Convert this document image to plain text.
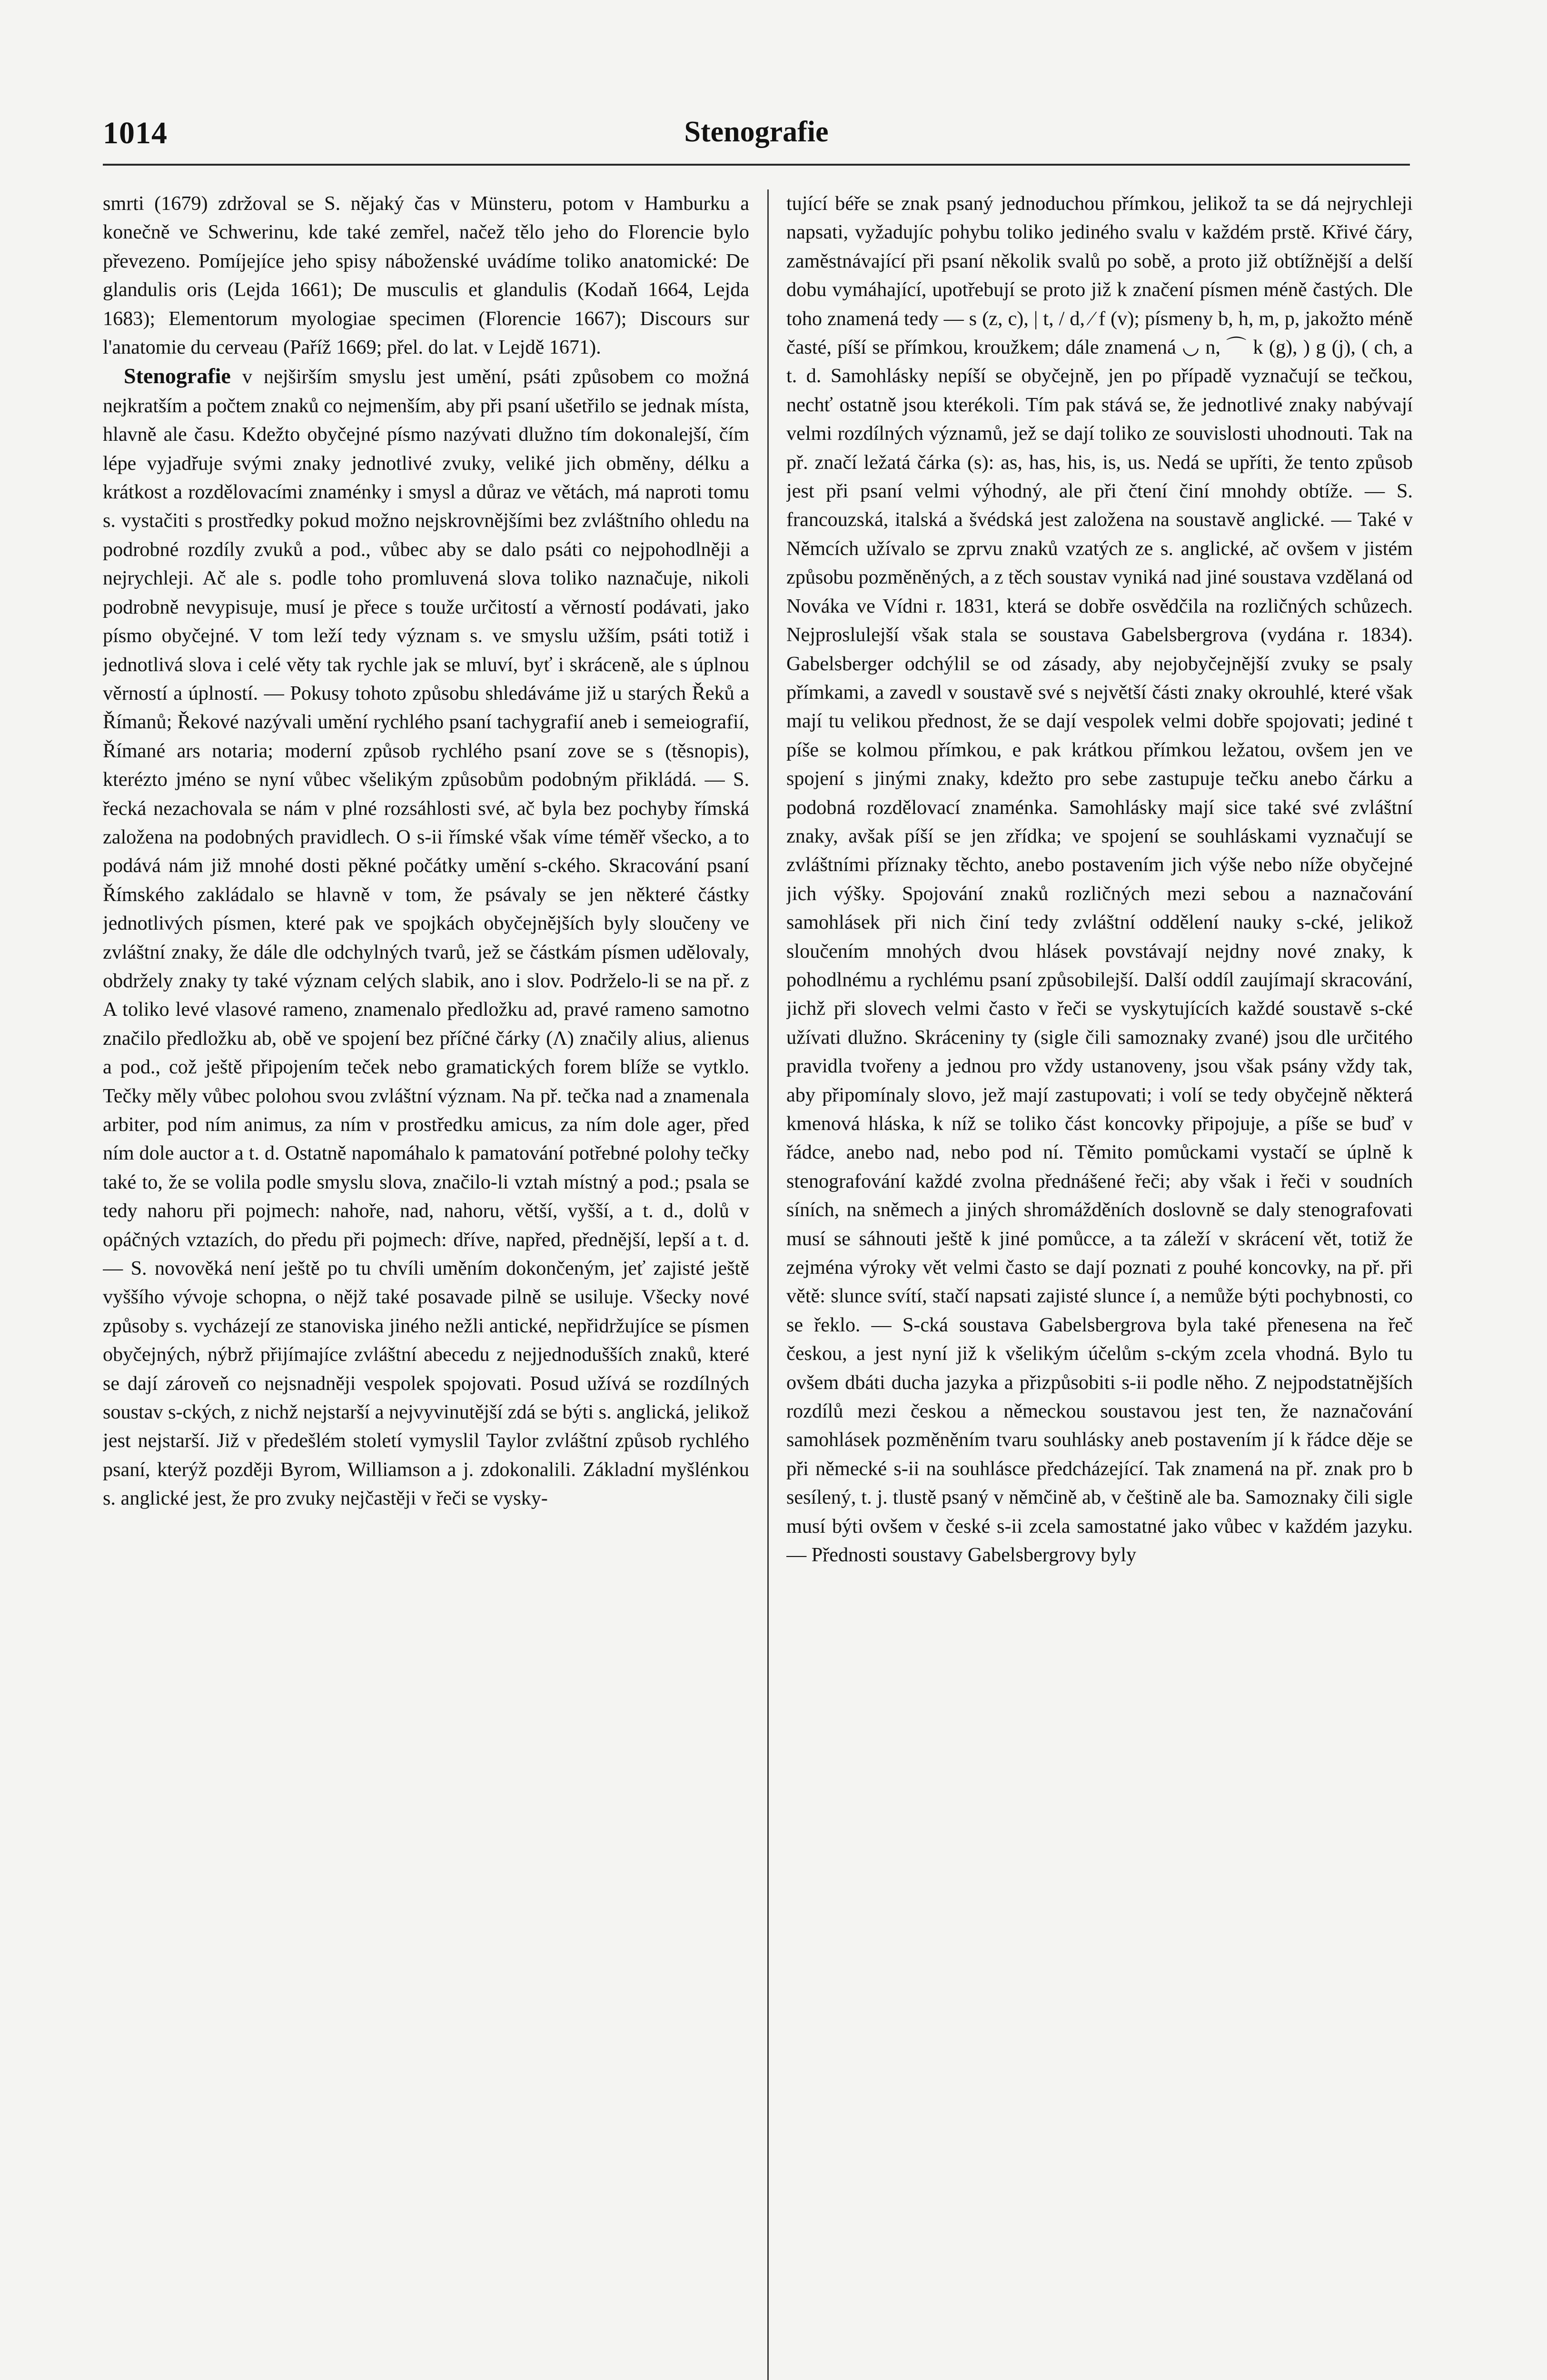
1014	Stenografie

smrti (1679) zdržoval se S. nějaký čas v Münsteru, potom v Hamburku a konečně ve Schwerinu, kde také zemřel, načež tělo jeho do Florencie bylo převezeno. Pomíjejíce jeho spisy náboženské uvádíme toliko anatomické: De glandulis oris (Lejda 1661); De musculis et glandulis (Kodaň 1664, Lejda 1683); Elementorum myologiae specimen (Florencie 1667); Discours sur l'anatomie du cerveau (Paříž 1669; přel. do lat. v Lejdě 1671).

Stenografie v nejširším smyslu jest umění, psáti způsobem co možná nejkratším a počtem znaků co nejmenším, aby při psaní ušetřilo se jednak místa, hlavně ale času. Kdežto obyčejné písmo nazývati dlužno tím dokonalejší, čím lépe vyjadřuje svými znaky jednotlivé zvuky, veliké jich obměny, délku a krátkost a rozdělovacími znaménky i smysl a důraz ve větách, má naproti tomu s. vystačiti s prostředky pokud možno nejskrovnějšími bez zvláštního ohledu na podrobné rozdíly zvuků a pod., vůbec aby se dalo psáti co nejpohodlněji a nejrychleji. Ač ale s. podle toho promluvená slova toliko naznačuje, nikoli podrobně nevypisuje, musí je přece s touže určitostí a věrností podávati, jako písmo obyčejné. V tom leží tedy význam s. ve smyslu užším, psáti totiž i jednotlivá slova i celé věty tak rychle jak se mluví, byť i skráceně, ale s úplnou věrností a úplností. — Pokusy tohoto způsobu shledáváme již u starých Řeků a Římanů; Řekové nazývali umění rychlého psaní tachygrafií aneb i semeiografií, Římané ars notaria; moderní způsob rychlého psaní zove se s (těsnopis), kterézto jméno se nyní vůbec všelikým způsobům podobným přikládá. — S. řecká nezachovala se nám v plné rozsáhlosti své, ač byla bez pochyby římská založena na podobných pravidlech. O s-ii římské však víme téměř všecko, a to podává nám již mnohé dosti pěkné počátky umění s-ckého. Skracování psaní Římského zakládalo se hlavně v tom, že psávaly se jen některé částky jednotlivých písmen, které pak ve spojkách obyčejnějších byly sloučeny ve zvláštní znaky, že dále dle odchylných tvarů, jež se částkám písmen udělovaly, obdržely znaky ty také význam celých slabik, ano i slov. Podrželo-li se na př. z A toliko levé vlasové rameno, znamenalo předložku ad, pravé rameno samotno značilo předložku ab, obě ve spojení bez příčné čárky (Λ) značily alius, alienus a pod., což ještě připojením teček nebo gramatických forem blíže se vytklo. Tečky měly vůbec polohou svou zvláštní význam. Na př. tečka nad a znamenala arbiter, pod ním animus, za ním v prostředku amicus, za ním dole ager, před ním dole auctor a t. d. Ostatně napomáhalo k pamatování potřebné polohy tečky také to, že se volila podle smyslu slova, značilo-li vztah místný a pod.; psala se tedy nahoru při pojmech: nahoře, nad, nahoru, větší, vyšší, a t. d., dolů v opáčných vztazích, do předu při pojmech: dříve, napřed, přednější, lepší a t. d. — S. novověká není ještě po tu chvíli uměním dokončeným, jeť zajisté ještě vyššího vývoje schopna, o nějž také posavade pilně se usiluje. Všecky nové způsoby s. vycházejí ze stanoviska jiného nežli antické, nepřidržujíce se písmen obyčejných, nýbrž přijímajíce zvláštní abecedu z nejjednodušších znaků, které se dají zároveň co nejsnadněji vespolek spojovati. Posud užívá se rozdílných soustav s-ckých, z nichž nejstarší a nejvyvinutější zdá se býti s. anglická, jelikož jest nejstarší. Již v předešlém století vymyslil Taylor zvláštní způsob rychlého psaní, kterýž později Byrom, Williamson a j. zdokonalili. Základní myšlénkou s. anglické jest, že pro zvuky nejčastěji v řeči se vysky-

tující béře se znak psaný jednoduchou přímkou, jelikož ta se dá nejrychleji napsati, vyžadujíc pohybu toliko jediného svalu v každém prstě. Křivé čáry, zaměstnávající při psaní několik svalů po sobě, a proto již obtížnější a delší dobu vymáhající, upotřebují se proto již k značení písmen méně častých. Dle toho znamená tedy — s (z, c), | t, / d, ⁄ f (v); písmeny b, h, m, p, jakožto méně časté, píší se přímkou, kroužkem; dále znamená ◡ n, ⌒ k (g), ) g (j), ( ch, a t. d. Samohlásky nepíší se obyčejně, jen po případě vyznačují se tečkou, nechť ostatně jsou kterékoli. Tím pak stává se, že jednotlivé znaky nabývají velmi rozdílných významů, jež se dají toliko ze souvislosti uhodnouti. Tak na př. značí ležatá čárka (s): as, has, his, is, us. Nedá se upříti, že tento způsob jest při psaní velmi výhodný, ale při čtení činí mnohdy obtíže. — S. francouzská, italská a švédská jest založena na soustavě anglické. — Také v Němcích užívalo se zprvu znaků vzatých ze s. anglické, ač ovšem v jistém způsobu pozměněných, a z těch soustav vyniká nad jiné soustava vzdělaná od Nováka ve Vídni r. 1831, která se dobře osvědčila na rozličných schůzech. Nejproslulejší však stala se soustava Gabelsbergrova (vydána r. 1834). Gabelsberger odchýlil se od zásady, aby nejobyčejnější zvuky se psaly přímkami, a zavedl v soustavě své s největší části znaky okrouhlé, které však mají tu velikou přednost, že se dají vespolek velmi dobře spojovati; jediné t píše se kolmou přímkou, e pak krátkou přímkou ležatou, ovšem jen ve spojení s jinými znaky, kdežto pro sebe zastupuje tečku anebo čárku a podobná rozdělovací znaménka. Samohlásky mají sice také své zvláštní znaky, avšak píší se jen zřídka; ve spojení se souhláskami vyznačují se zvláštními příznaky těchto, anebo postavením jich výše nebo níže obyčejné jich výšky. Spojování znaků rozličných mezi sebou a naznačování samohlásek při nich činí tedy zvláštní oddělení nauky s-cké, jelikož sloučením mnohých dvou hlásek povstávají nejdny nové znaky, k pohodlnému a rychlému psaní způsobilejší. Další oddíl zaujímají skracování, jichž při slovech velmi často v řeči se vyskytujících každé soustavě s-cké užívati dlužno. Skráceniny ty (sigle čili samoznaky zvané) jsou dle určitého pravidla tvořeny a jednou pro vždy ustanoveny, jsou však psány vždy tak, aby připomínaly slovo, jež mají zastupovati; i volí se tedy obyčejně některá kmenová hláska, k níž se toliko část koncovky připojuje, a píše se buď v řádce, anebo nad, nebo pod ní. Těmito pomůckami vystačí se úplně k stenografování každé zvolna přednášené řeči; aby však i řeči v soudních síních, na sněmech a jiných shromážděních doslovně se daly stenografovati musí se sáhnouti ještě k jiné pomůcce, a ta záleží v skrácení vět, totiž že zejména výroky vět velmi často se dají poznati z pouhé koncovky, na př. při větě: slunce svítí, stačí napsati zajisté slunce í, a nemůže býti pochybnosti, co se řeklo. — S-cká soustava Gabelsbergrova byla také přenesena na řeč českou, a jest nyní již k všelikým účelům s-ckým zcela vhodná. Bylo tu ovšem dbáti ducha jazyka a přizpůsobiti s-ii podle něho. Z nejpodstatnějších rozdílů mezi českou a německou soustavou jest ten, že naznačování samohlásek pozměněním tvaru souhlásky aneb postavením jí k řádce děje se při německé s-ii na souhlásce předcházející. Tak znamená na př. znak pro b sesílený, t. j. tlustě psaný v němčině ab, v češtině ale ba. Samoznaky čili sigle musí býti ovšem v české s-ii zcela samostatné jako vůbec v každém jazyku. — Přednosti soustavy Gabelsbergrovy byly
